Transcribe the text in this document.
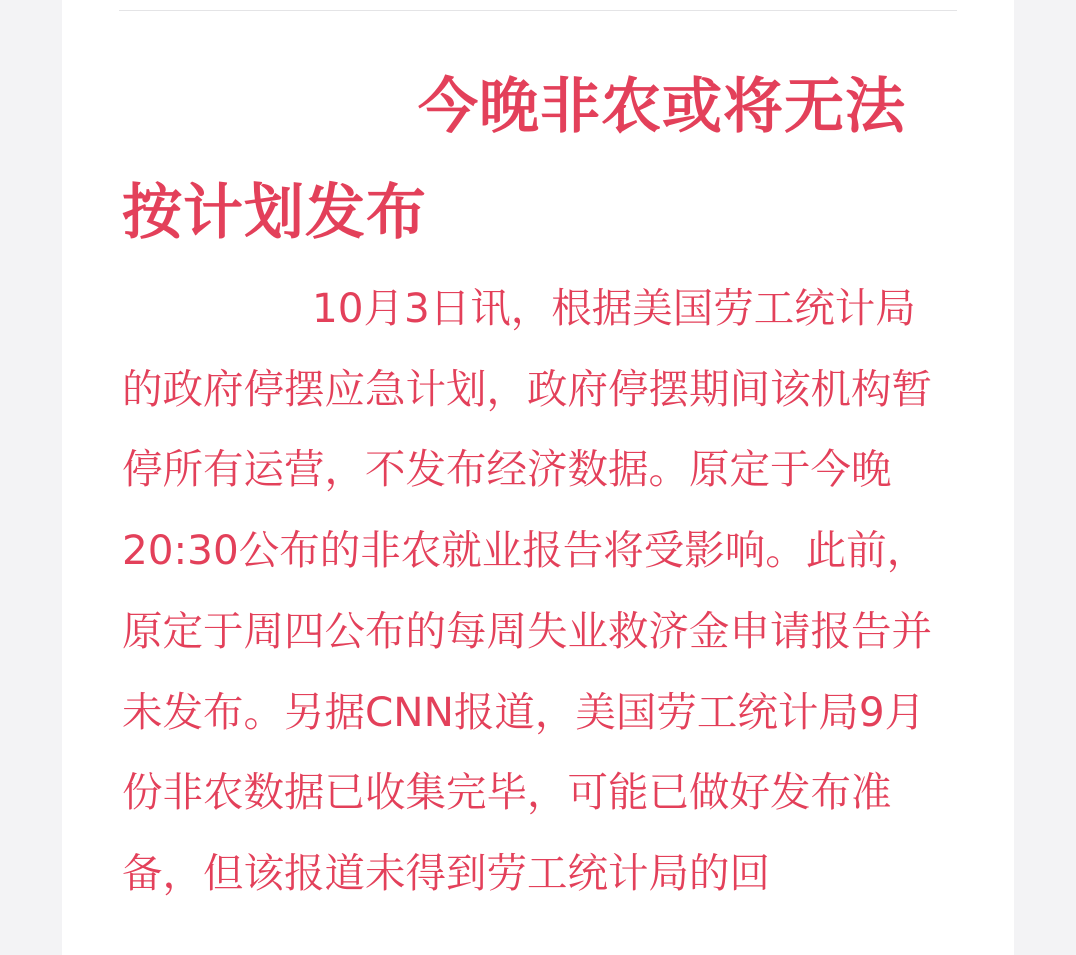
今晚非农或将无法按计划发布

10月3日讯，根据美国劳工统计局的政府停摆应急计划，政府停摆期间该机构暂停所有运营，不发布经济数据。原定于今晚20:30公布的非农就业报告将受影响。此前，原定于周四公布的每周失业救济金申请报告并未发布。另据CNN报道，美国劳工统计局9月份非农数据已收集完毕，可能已做好发布准备，但该报道未得到劳工统计局的回
